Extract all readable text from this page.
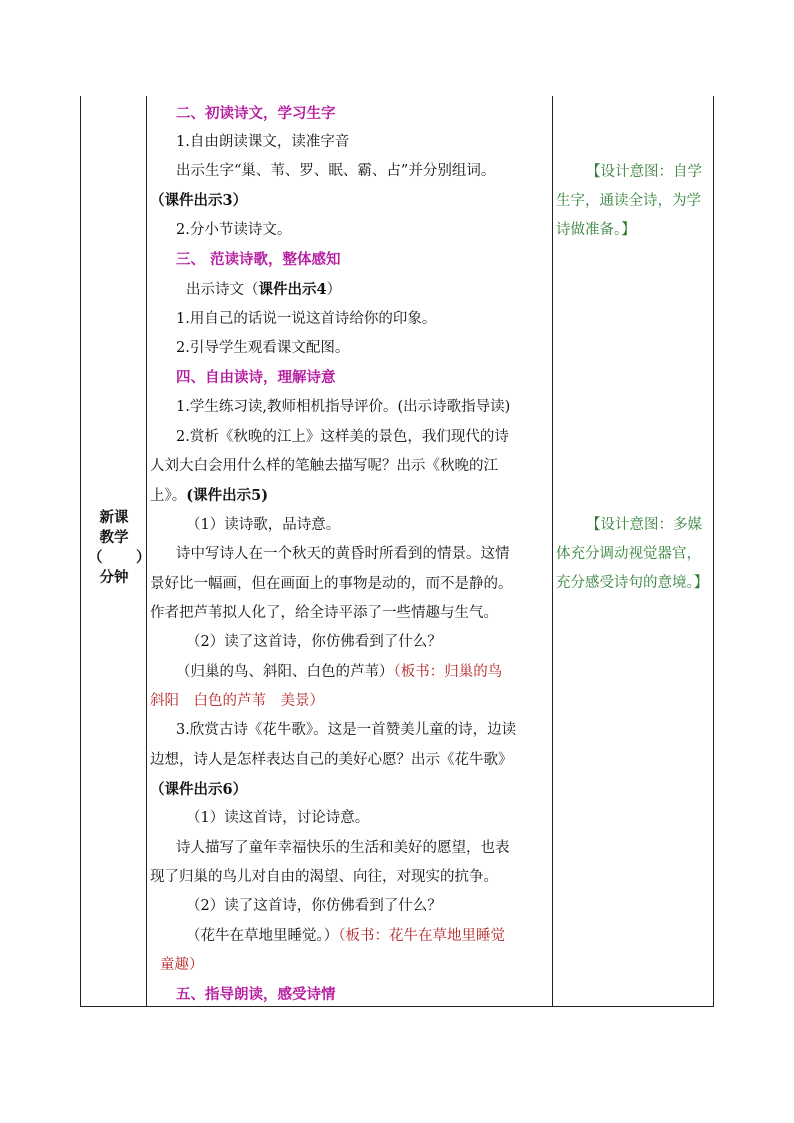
新课
教学
（ ）
分钟
二、初读诗文，学习生字
1.自由朗读课文，读准字音
出示生字“巢、苇、罗、眠、霸、占”并分别组词。
（课件出示3）
2.分小节读诗文。
三、 范读诗歌，整体感知
出示诗文（课件出示4）
1.用自己的话说一说这首诗给你的印象。
2.引导学生观看课文配图。
四、自由读诗，理解诗意
1.学生练习读,教师相机指导评价。(出示诗歌指导读)
2.赏析《秋晚的江上》这样美的景色，我们现代的诗
人刘大白会用什么样的笔触去描写呢？出示《秋晚的江
上》。(课件出示5)
（1）读诗歌，品诗意。
诗中写诗人在一个秋天的黄昏时所看到的情景。这情
景好比一幅画，但在画面上的事物是动的，而不是静的。
作者把芦苇拟人化了，给全诗平添了一些情趣与生气。
（2）读了这首诗，你仿佛看到了什么？
（归巢的鸟、斜阳、白色的芦苇）（板书：归巢的鸟
斜阳　白色的芦苇　美景）
3.欣赏古诗《花牛歌》。这是一首赞美儿童的诗，边读
边想，诗人是怎样表达自己的美好心愿？出示《花牛歌》
（课件出示6）
（1）读这首诗，讨论诗意。
诗人描写了童年幸福快乐的生活和美好的愿望，也表
现了归巢的鸟儿对自由的渴望、向往，对现实的抗争。
（2）读了这首诗，你仿佛看到了什么？
（花牛在草地里睡觉。）（板书：花牛在草地里睡觉
童趣）
五、指导朗读，感受诗情
【设计意图：自学
生字，通读全诗，为学
诗做准备。】
【设计意图：多媒
体充分调动视觉器官，
充分感受诗句的意境。】
